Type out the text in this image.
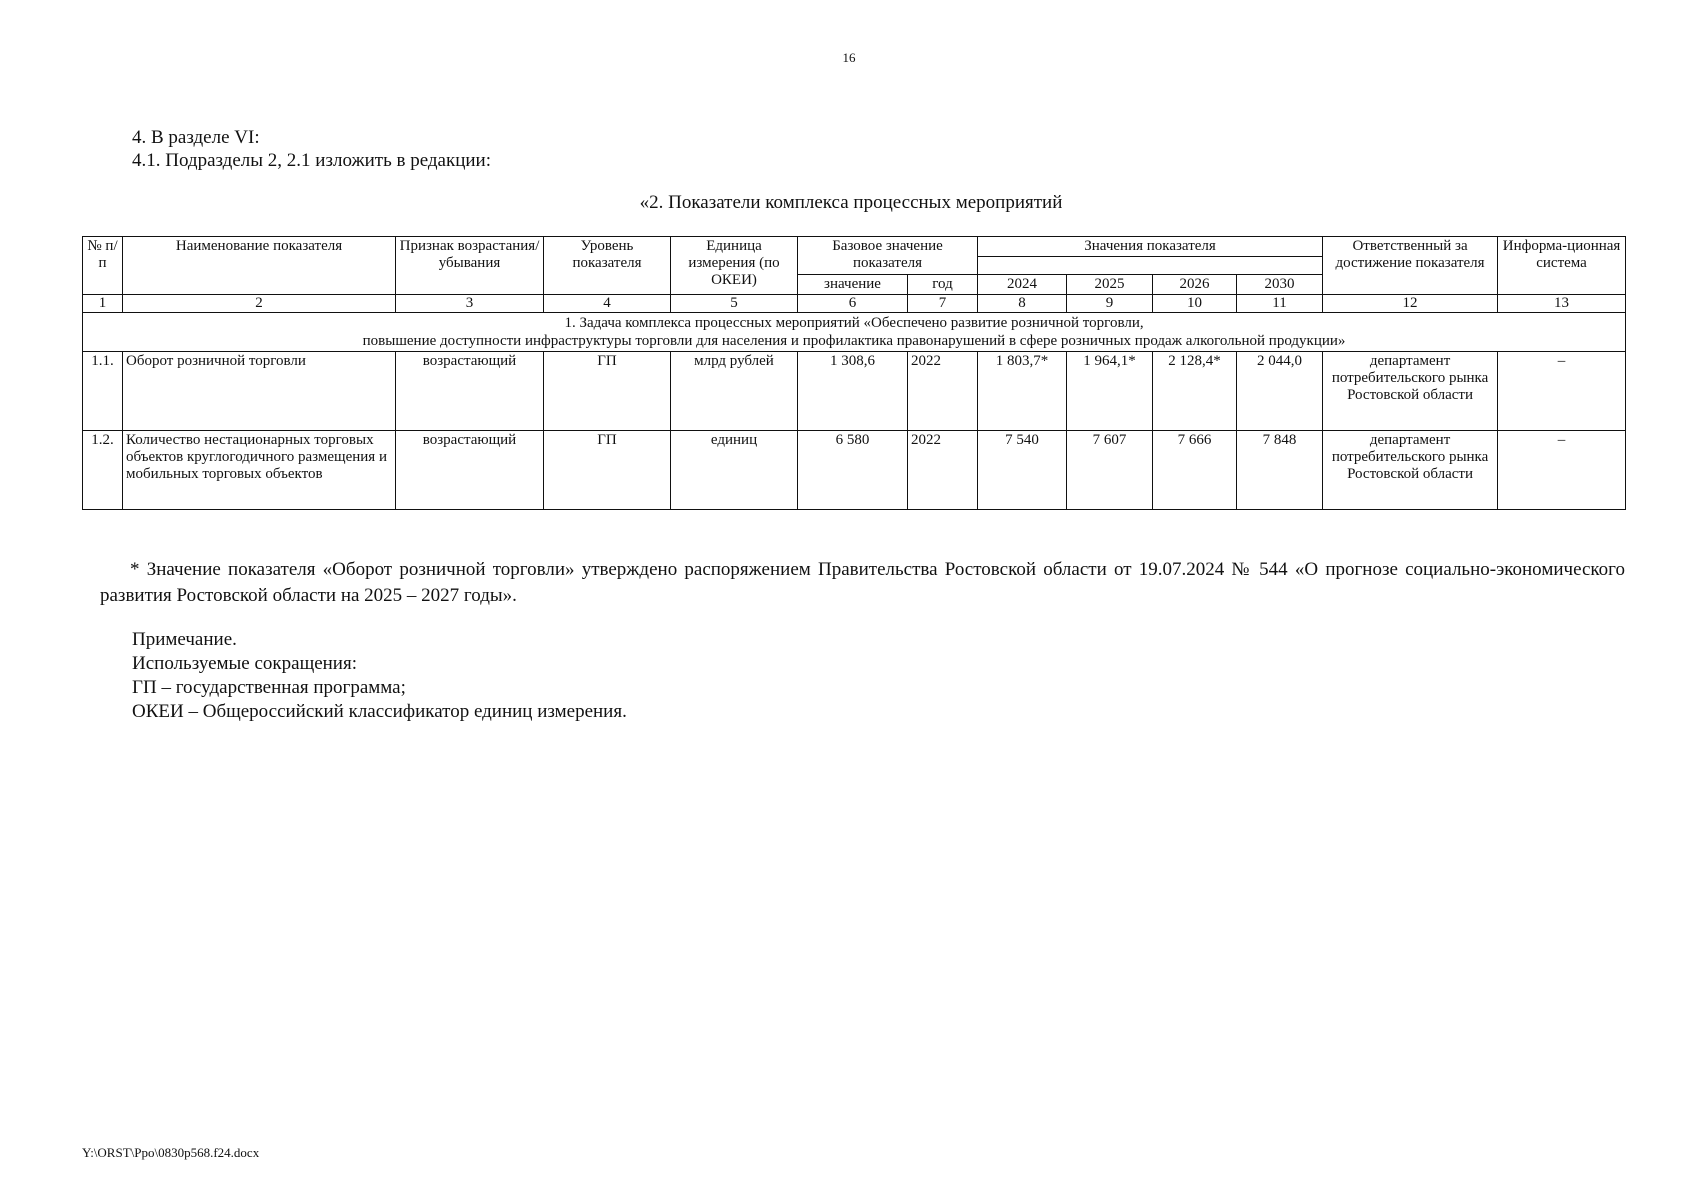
16
4. В разделе VI:
4.1. Подразделы 2, 2.1 изложить в редакции:
«2. Показатели комплекса процессных мероприятий
№ п/п	Наименование показателя	Признак возрастания/ убывания	Уровень показателя	Единица измерения (по ОКЕИ)	Базовое значение показателя		Значения показателя				Ответственный за достижение показателя	Информа-ционная система

					значение	год	2024	2025	2026	2030		
1	2	3	4	5	6	7	8	9	10	11	12	13

1. Задача комплекса процессных мероприятий «Обеспечено развитие розничной торговли,
повышение доступности инфраструктуры торговли для населения и профилактика правонарушений в сфере розничных продаж алкогольной продукции»												

1.1.	Оборот розничной торговли	возрастающий	ГП	млрд рублей	1 308,6	2022	1 803,7*	1 964,1*	2 128,4*	2 044,0	департамент потребительского рынка Ростовской области	–
1.2.	Количество нестационарных торговых объектов круглогодичного размещения и мобильных торговых объектов	возрастающий	ГП	единиц	6 580	2022	7 540	7 607	7 666	7 848	департамент потребительского рынка Ростовской области	–
* Значение показателя «Оборот розничной торговли» утверждено распоряжением Правительства Ростовской области от 19.07.2024 № 544 «О прогнозе социально-экономического развития Ростовской области на 2025 – 2027 годы».
Примечание.
Используемые сокращения:
ГП – государственная программа;
ОКЕИ – Общероссийский классификатор единиц измерения.
Y:\ORST\Ppo\0830p568.f24.docx
